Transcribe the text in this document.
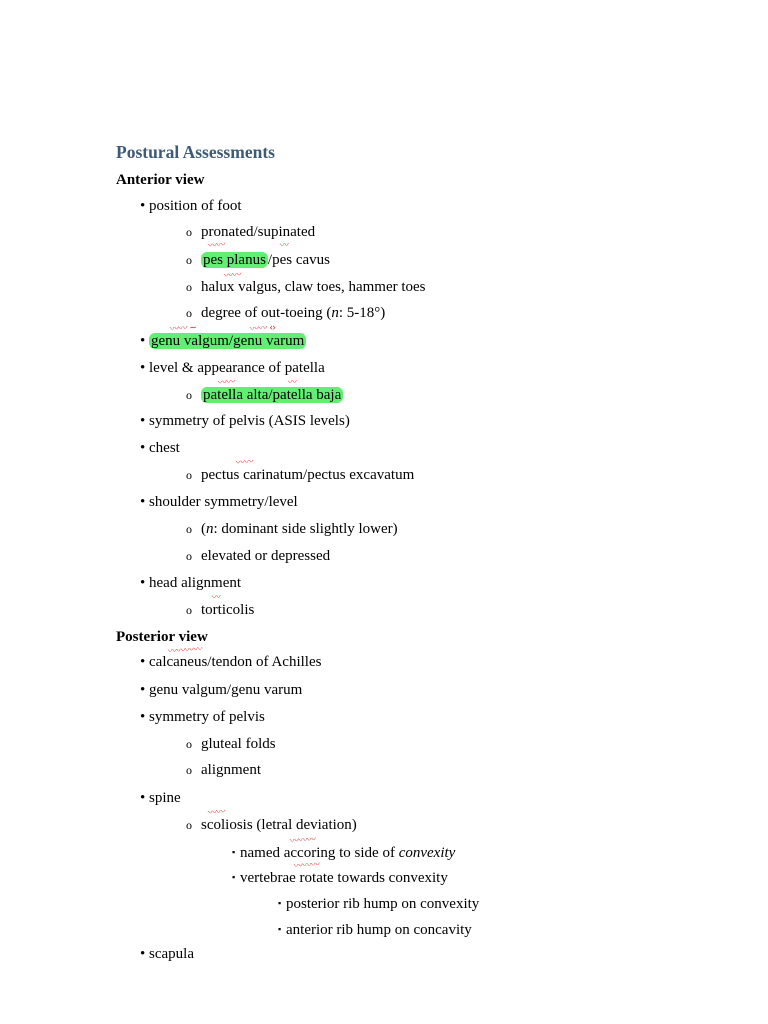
Postural Assessments
Anterior view
• position of foot
o pronated/supinated
o pes planus /pes cavus
o halux valgus, claw toes, hammer toes
o degree of out-toeing (n: 5-18°)
• genu valgum/genu varum
• level & appearance of patella
o patella alta/patella baja
• symmetry of pelvis (ASIS levels)
• chest
o pectus carinatum/pectus excavatum
• shoulder symmetry/level
o (n: dominant side slightly lower)
o elevated or depressed
• head alignment
o torticolis
Posterior view
• calcaneus/tendon of Achilles
• genu valgum/genu varum
• symmetry of pelvis
o gluteal folds
o alignment
• spine
o scoliosis (letral deviation)
▪ named accoring to side of convexity
▪ vertebrae rotate towards convexity
▪ posterior rib hump on convexity
▪ anterior rib hump on concavity
• scapula
〰〰	〰
〰〰
〰〰 ~	〰〰 ‹›
〰〰	〰
〰〰
〰
〰〰〰〰
〰〰
〰〰〰
〰〰〰
